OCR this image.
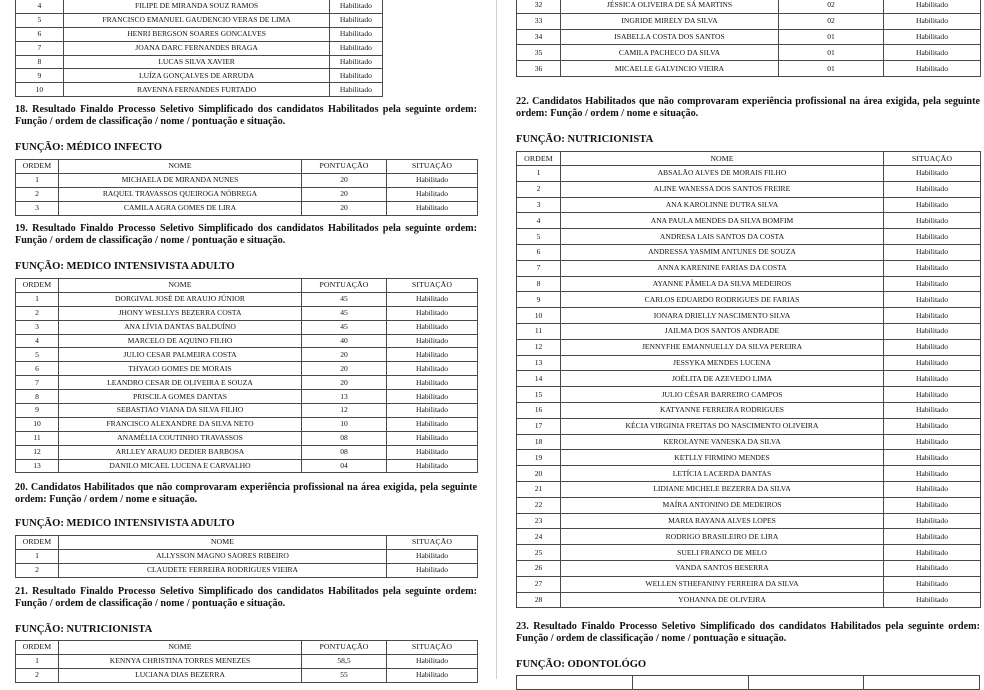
4	FILIPE DE MIRANDA SOUZ RAMOS	Habilitado
5	FRANCISCO EMANUEL GAUDENCIO VERAS DE LIMA	Habilitado
6	HENRI BERGSON SOARES GONCALVES	Habilitado
7	JOANA DARC FERNANDES BRAGA	Habilitado
8	LUCAS SILVA XAVIER	Habilitado
9	LUÍZA GONÇALVES DE ARRUDA	Habilitado
10	RAVENNA FERNANDES FURTADO	Habilitado

18. Resultado Finaldo Processo Seletivo Simplificado dos candidatos Habilitados pela seguinte ordem: Função / ordem de classificação / nome / pontuação e situação.

FUNÇÃO: MÉDICO INFECTO

ORDEM	NOME	PONTUAÇÃO	SITUAÇÃO
1	MICHAELA DE MIRANDA NUNES	20	Habilitado
2	RAQUEL TRAVASSOS QUEIROGA NÓBREGA	20	Habilitado
3	CAMILA AGRA GOMES DE LIRA	20	Habilitado

19. Resultado Finaldo Processo Seletivo Simplificado dos candidatos Habilitados pela seguinte ordem: Função / ordem de classificação / nome / pontuação e situação.

FUNÇÃO: MEDICO INTENSIVISTA ADULTO

ORDEM	NOME	PONTUAÇÃO	SITUAÇÃO
1	DORGIVAL JOSÉ DE ARAUJO JÚNIOR	45	Habilitado
2	JHONY WESLLYS BEZERRA COSTA	45	Habilitado
3	ANA LÍVIA DANTAS BALDUÍNO	45	Habilitado
4	MARCELO DE AQUINO FILHO	40	Habilitado
5	JULIO CESAR PALMEIRA COSTA	20	Habilitado
6	THYAGO GOMES DE MORAIS	20	Habilitado
7	LEANDRO CESAR DE OLIVEIRA E SOUZA	20	Habilitado
8	PRISCILA GOMES DANTAS	13	Habilitado
9	SEBASTIAO VIANA DA SILVA FILHO	12	Habilitado
10	FRANCISCO ALEXANDRE DA SILVA NETO	10	Habilitado
11	ANAMÉLIA COUTINHO TRAVASSOS	08	Habilitado
12	ARLLEY ARAUJO DEDIER BARBOSA	08	Habilitado
13	DANILO MICAEL LUCENA E CARVALHO	04	Habilitado

20. Candidatos Habilitados que não comprovaram experiência profissional na área exigida, pela seguinte ordem: Função / ordem / nome e situação.

FUNÇÃO: MEDICO INTENSIVISTA ADULTO

ORDEM	NOME	SITUAÇÃO
1	ALLYSSON MAGNO SAORES RIBEIRO	Habilitado
2	CLAUDETE FERREIRA RODRIGUES VIEIRA	Habilitado

21. Resultado Finaldo Processo Seletivo Simplificado dos candidatos Habilitados pela seguinte ordem: Função / ordem de classificação / nome / pontuação e situação.

FUNÇÃO: NUTRICIONISTA

ORDEM	NOME	PONTUAÇÃO	SITUAÇÃO
1	KENNYA CHRISTINA TORRES MENEZES	58,5	Habilitado
2	LUCIANA DIAS BEZERRA	55	Habilitado
32	JÉSSICA OLIVEIRA DE SÁ MARTINS	02	Habilitado
33	INGRIDE MIRELY DA SILVA	02	Habilitado
34	ISABELLA COSTA DOS SANTOS	01	Habilitado
35	CAMILA PACHECO DA SILVA	01	Habilitado
36	MICAELLE GALVINCIO VIEIRA	01	Habilitado

22. Candidatos Habilitados que não comprovaram experiência profissional na área exigida, pela seguinte ordem: Função / ordem / nome e situação.

FUNÇÃO: NUTRICIONISTA

ORDEM	NOME	SITUAÇÃO
1	ABSALÃO ALVES DE MORAIS FILHO	Habilitado
2	ALINE WANESSA DOS SANTOS FREIRE	Habilitado
3	ANA KAROLINNE DUTRA SILVA	Habilitado
4	ANA PAULA MENDES DA SILVA BOMFIM	Habilitado
5	ANDRESA LAIS SANTOS DA COSTA	Habilitado
6	ANDRESSA YASMIM ANTUNES DE SOUZA	Habilitado
7	ANNA KARENINE FARIAS DA COSTA	Habilitado
8	AYANNE PÂMELA DA SILVA MEDEIROS	Habilitado
9	CARLOS EDUARDO RODRIGUES DE FARIAS	Habilitado
10	IONARA DRIELLY NASCIMENTO SILVA	Habilitado
11	JAILMA DOS SANTOS ANDRADE	Habilitado
12	JENNYFHE EMANNUELLY DA SILVA PEREIRA	Habilitado
13	JESSYKA MENDES LUCENA	Habilitado
14	JOÉLITA DE AZEVEDO LIMA	Habilitado
15	JULIO CÉSAR BARREIRO CAMPOS	Habilitado
16	KATYANNE FERREIRA RODRIGUES	Habilitado
17	KÉCIA VIRGINIA FREITAS DO NASCIMENTO OLIVEIRA	Habilitado
18	KEROLAYNE VANESKA DA SILVA	Habilitado
19	KETLLY FIRMINO MENDES	Habilitado
20	LETÍCIA LACERDA DANTAS	Habilitado
21	LIDIANE MICHELE BEZERRA DA SILVA	Habilitado
22	MAÍRA ANTONINO DE MEDEIROS	Habilitado
23	MARIA RAYANA ALVES LOPES	Habilitado
24	RODRIGO BRASILEIRO DE LIRA	Habilitado
25	SUELI FRANCO DE MELO	Habilitado
26	VANDA SANTOS BESERRA	Habilitado
27	WELLEN STHEFANINY FERREIRA DA SILVA	Habilitado
28	YOHANNA DE OLIVEIRA	Habilitado

23. Resultado Finaldo Processo Seletivo Simplificado dos candidatos Habilitados pela seguinte ordem: Função / ordem de classificação / nome / pontuação e situação.

FUNÇÃO: ODONTOLÓGO
